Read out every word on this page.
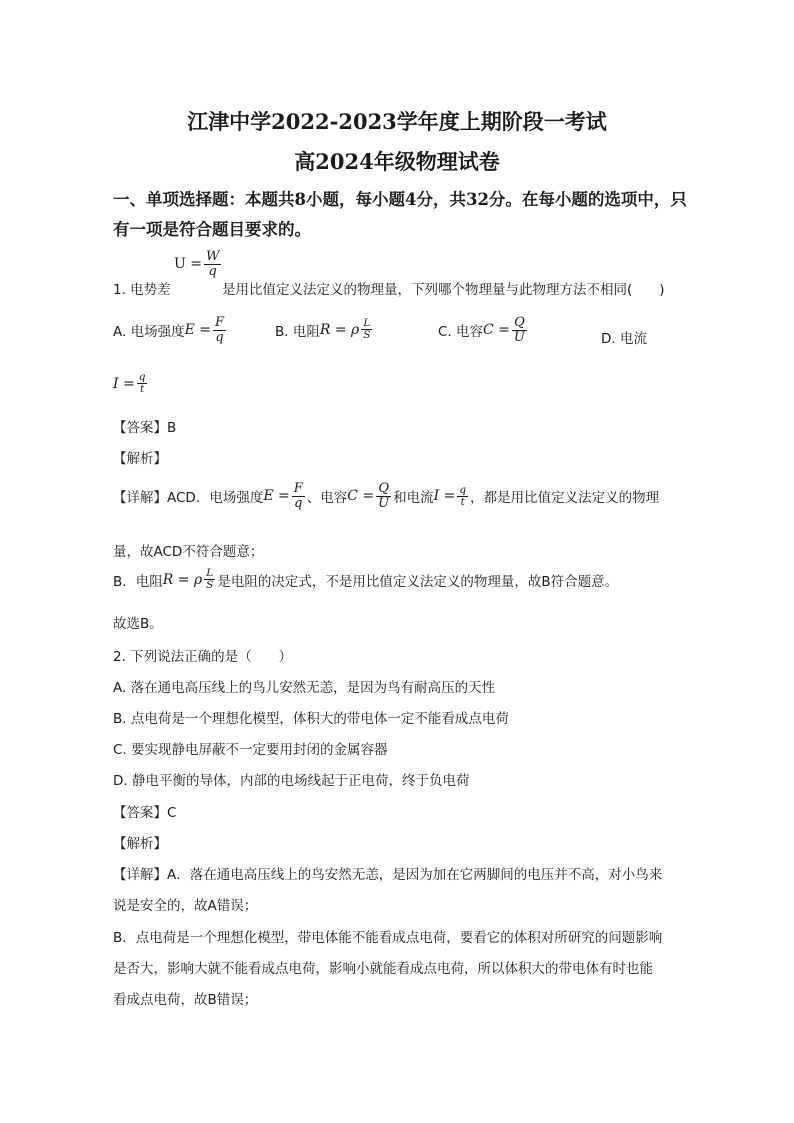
江津中学2022-2023学年度上期阶段一考试
高2024年级物理试卷
一、单项选择题：本题共8小题，每小题4分，共32分。在每小题的选项中，只
有一项是符合题目要求的。
$U = \frac{W}{q}$
1. 电势差	是用比值定义法定义的物理量，下列哪个物理量与此物理方法不相同(　　)
A. 电场强度 $E = \frac{F}{q}$	B. 电阻 R = ρ $\frac{L}{S}$	C. 电容 $C = \frac{Q}{U}$	D. 电流
$I = \frac{q}{t}$
【答案】B
【解析】
【详解】ACD．电场强度 $E = \frac{F}{q}$ 、电容 $C = \frac{Q}{U}$ 和电流 $I = \frac{q}{t}$ ，都是用比值定义法定义的物理
量，故ACD不符合题意；
B．电阻 R = ρ $\frac{L}{S}$ 是电阻的决定式，不是用比值定义法定义的物理量，故B符合题意。
故选B。
2. 下列说法正确的是（　　）
A. 落在通电高压线上的鸟儿安然无恙，是因为鸟有耐高压的天性
B. 点电荷是一个理想化模型，体积大的带电体一定不能看成点电荷
C. 要实现静电屏蔽不一定要用封闭的金属容器
D. 静电平衡的导体，内部的电场线起于正电荷，终于负电荷
【答案】C
【解析】
【详解】A．落在通电高压线上的鸟安然无恙，是因为加在它两脚间的电压并不高，对小鸟来
说是安全的，故A错误；
B．点电荷是一个理想化模型，带电体能不能看成点电荷，要看它的体积对所研究的问题影响
是否大，影响大就不能看成点电荷，影响小就能看成点电荷，所以体积大的带电体有时也能
看成点电荷，故B错误；
